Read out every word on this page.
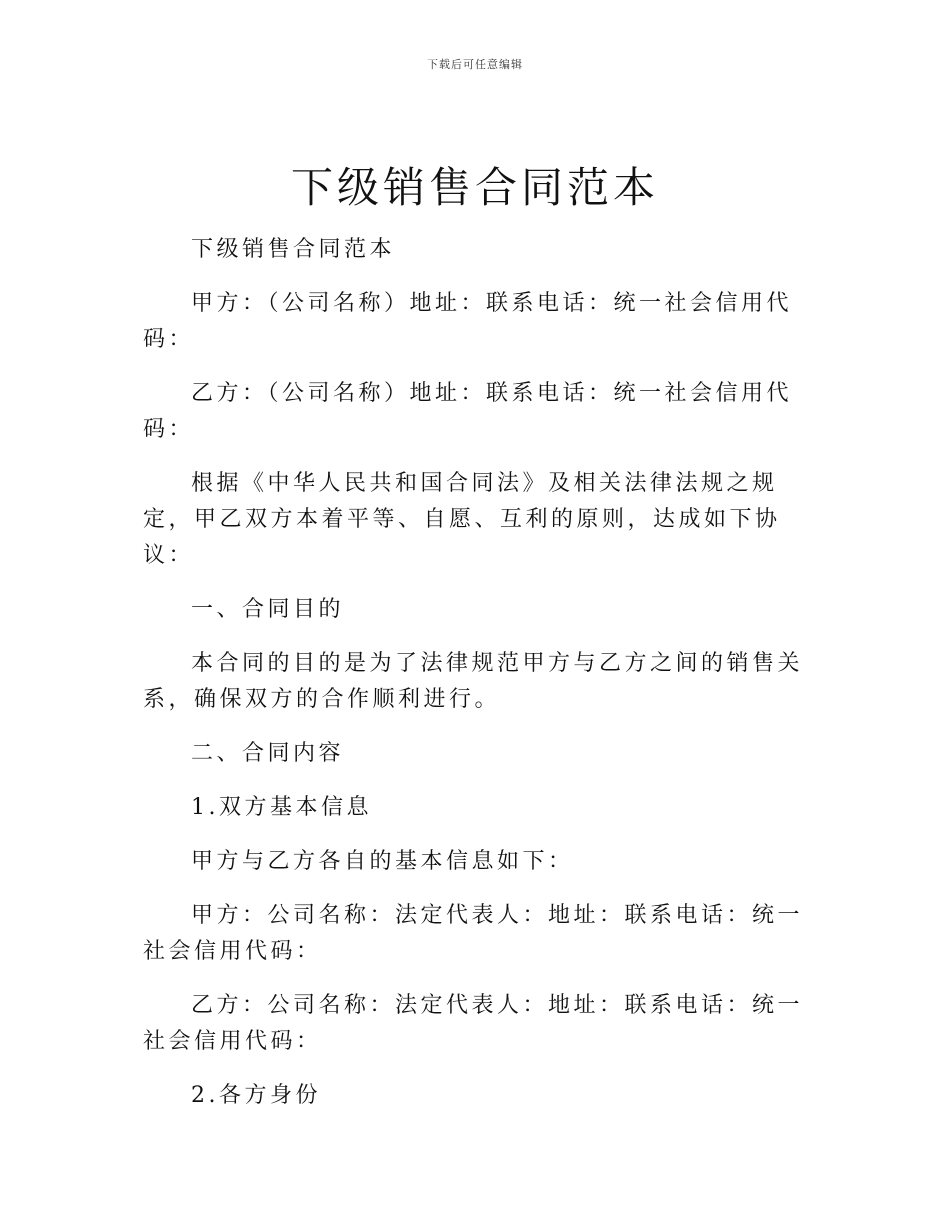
下载后可任意编辑
下级销售合同范本

下级销售合同范本

甲方：（公司名称）地址：联系电话：统一社会信用代码：

乙方：（公司名称）地址：联系电话：统一社会信用代码：

根据《中华人民共和国合同法》及相关法律法规之规定，甲乙双方本着平等、自愿、互利的原则，达成如下协议：

一、合同目的

本合同的目的是为了法律规范甲方与乙方之间的销售关系，确保双方的合作顺利进行。

二、合同内容

1.双方基本信息

甲方与乙方各自的基本信息如下：

甲方：公司名称：法定代表人：地址：联系电话：统一社会信用代码：

乙方：公司名称：法定代表人：地址：联系电话：统一社会信用代码：

2.各方身份
